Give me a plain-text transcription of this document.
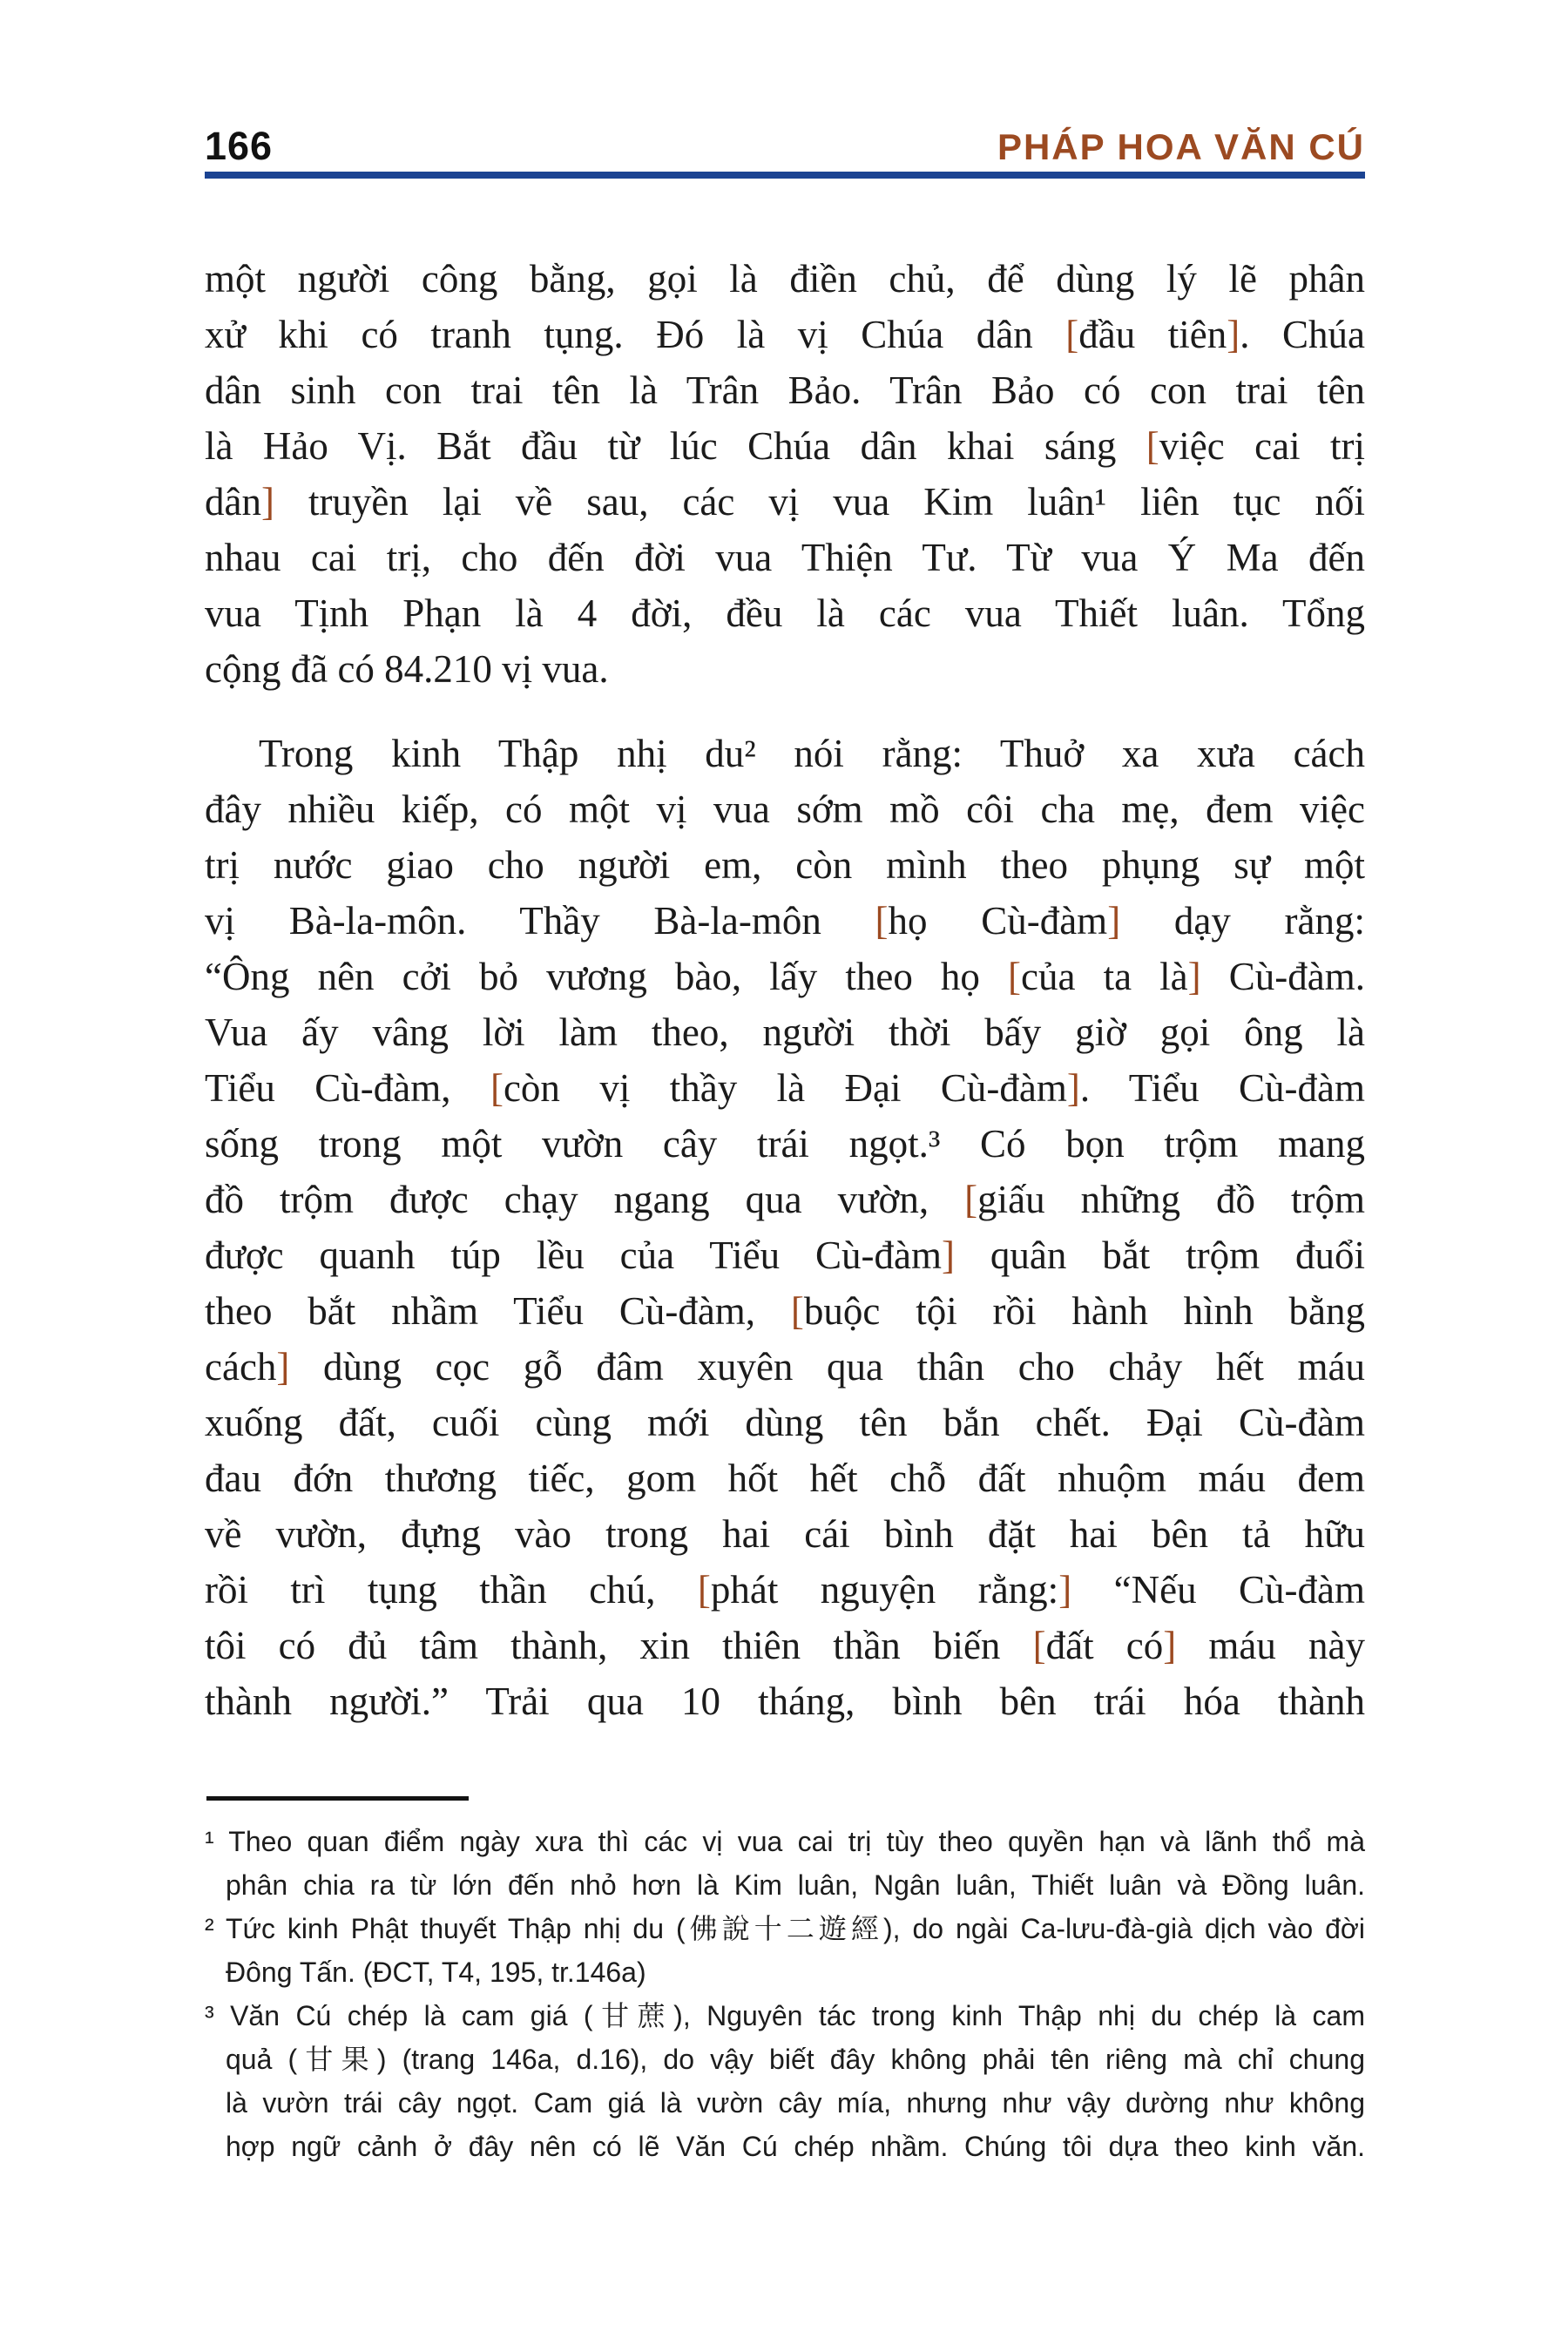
166	PHÁP HOA VĂN CÚ
một người công bằng, gọi là điền chủ, để dùng lý lẽ phân
xử khi có tranh tụng. Đó là vị Chúa dân [đầu tiên]. Chúa
dân sinh con trai tên là Trân Bảo. Trân Bảo có con trai tên
là Hảo Vị. Bắt đầu từ lúc Chúa dân khai sáng [việc cai trị
dân] truyền lại về sau, các vị vua Kim luân¹ liên tục nối
nhau cai trị, cho đến đời vua Thiện Tư. Từ vua Ý Ma đến
vua Tịnh Phạn là 4 đời, đều là các vua Thiết luân. Tổng
cộng đã có 84.210 vị vua.
Trong kinh Thập nhị du² nói rằng: Thuở xa xưa cách
đây nhiều kiếp, có một vị vua sớm mồ côi cha mẹ, đem việc
trị nước giao cho người em, còn mình theo phụng sự một
vị Bà-la-môn. Thầy Bà-la-môn [họ Cù-đàm] dạy rằng:
“Ông nên cởi bỏ vương bào, lấy theo họ [của ta là] Cù-đàm.
Vua ấy vâng lời làm theo, người thời bấy giờ gọi ông là
Tiểu Cù-đàm, [còn vị thầy là Đại Cù-đàm]. Tiểu Cù-đàm
sống trong một vườn cây trái ngọt.³ Có bọn trộm mang
đồ trộm được chạy ngang qua vườn, [giấu những đồ trộm
được quanh túp lều của Tiểu Cù-đàm] quân bắt trộm đuổi
theo bắt nhầm Tiểu Cù-đàm, [buộc tội rồi hành hình bằng
cách] dùng cọc gỗ đâm xuyên qua thân cho chảy hết máu
xuống đất, cuối cùng mới dùng tên bắn chết. Đại Cù-đàm
đau đớn thương tiếc, gom hốt hết chỗ đất nhuộm máu đem
về vườn, đựng vào trong hai cái bình đặt hai bên tả hữu
rồi trì tụng thần chú, [phát nguyện rằng:] “Nếu Cù-đàm
tôi có đủ tâm thành, xin thiên thần biến [đất có] máu này
thành người.” Trải qua 10 tháng, bình bên trái hóa thành
¹ Theo quan điểm ngày xưa thì các vị vua cai trị tùy theo quyền hạn và lãnh thổ mà
phân chia ra từ lớn đến nhỏ hơn là Kim luân, Ngân luân, Thiết luân và Đồng luân.
² Tức kinh Phật thuyết Thập nhị du (佛說十二遊經), do ngài Ca-lưu-đà-già dịch vào đời
Đông Tấn. (ĐCT, T4, 195, tr.146a)
³ Văn Cú chép là cam giá (甘蔗), Nguyên tác trong kinh Thập nhị du chép là cam
quả (甘果) (trang 146a, d.16), do vậy biết đây không phải tên riêng mà chỉ chung
là vườn trái cây ngọt. Cam giá là vườn cây mía, nhưng như vậy dường như không
hợp ngữ cảnh ở đây nên có lẽ Văn Cú chép nhầm. Chúng tôi dựa theo kinh văn.
